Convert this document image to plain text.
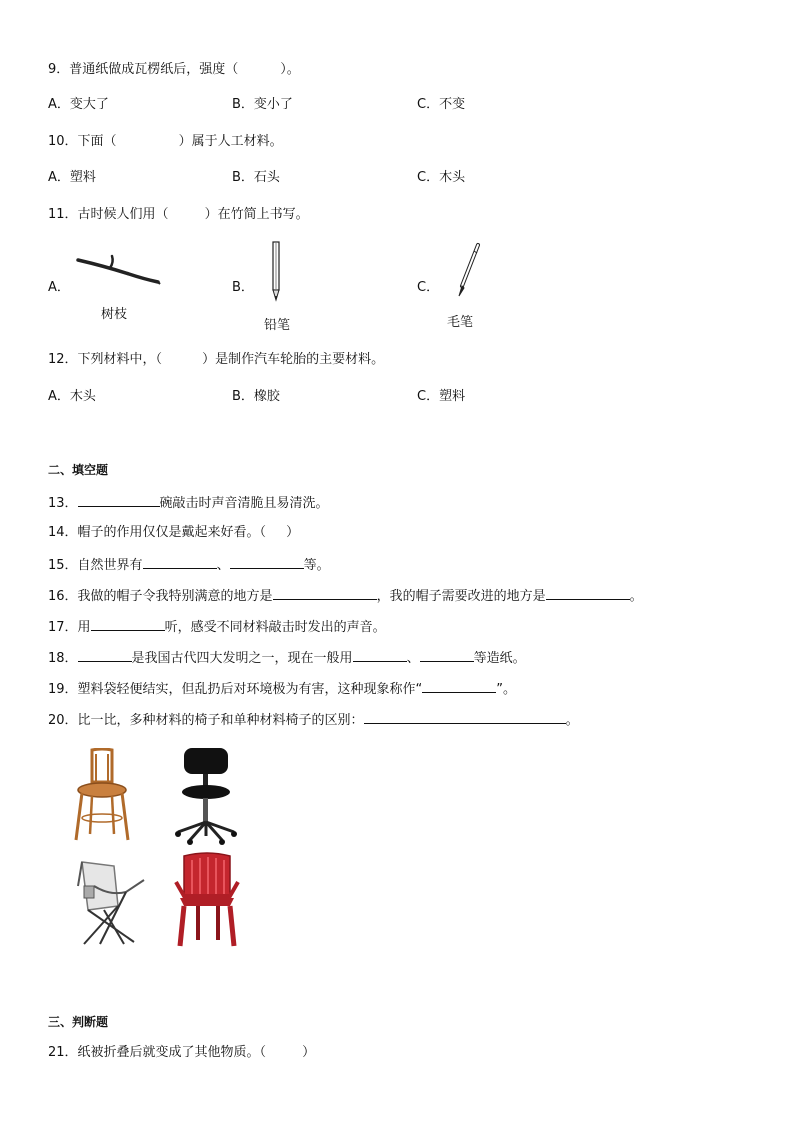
9．普通纸做成瓦楞纸后，强度（	）。
A．变大了	B．变小了	C．不变
10．下面（	）属于人工材料。
A．塑料	B．石头	C．木头
11．古时候人们用（	）在竹简上书写。
A．	B．	C．
树枝
铅笔	毛笔
12．下列材料中，（	）是制作汽车轮胎的主要材料。
A．木头	B．橡胶	C．塑料
二、填空题
13．	碗敲击时声音清脆且易清洗。
14．帽子的作用仅仅是戴起来好看。（ ）
15．自然世界有	、	等。
16．我做的帽子令我特别满意的地方是	，我的帽子需要改进的地方是	。
17．用	听，感受不同材料敲击时发出的声音。
18．	是我国古代四大发明之一，现在一般用	、	等造纸。
19．塑料袋轻便结实，但乱扔后对环境极为有害，这种现象称作“	”。
20．比一比，多种材料的椅子和单种材料椅子的区别：	。
三、判断题
21．纸被折叠后就变成了其他物质。（	）
